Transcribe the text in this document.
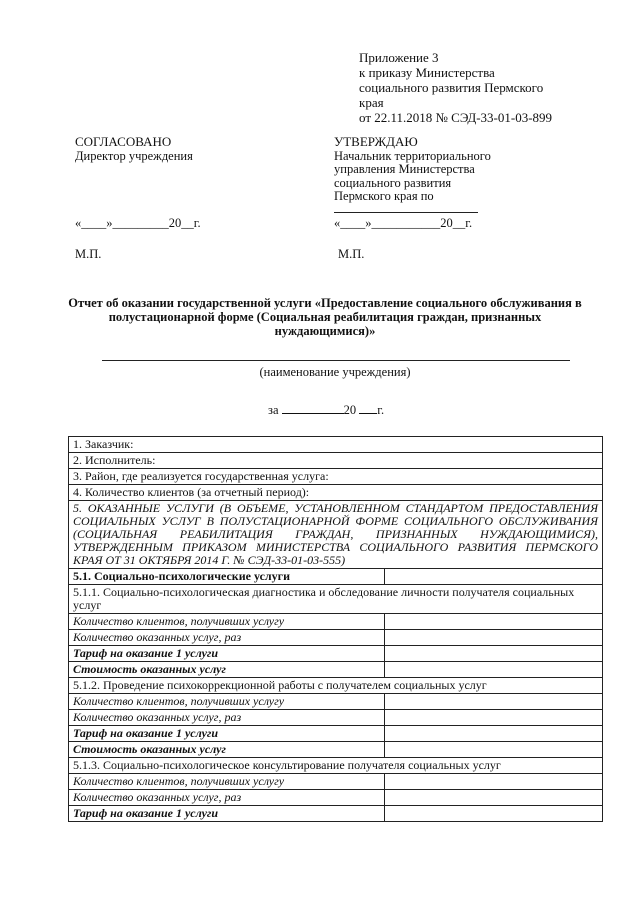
Приложение 3
к приказу Министерства
социального развития Пермского
края
от 22.11.2018 № СЭД-33-01-03-899
СОГЛАСОВАНО
Директор учреждения
«____»_________20__г.
М.П.
УТВЕРЖДАЮ
Начальник территориального
управления Министерства
социального развития
Пермского края по
«____»___________20__г.
М.П.
Отчет об оказании государственной услуги «Предоставление социального обслуживания в полустационарной форме (Социальная реабилитация граждан, признанных нуждающимися)»
(наименование учреждения)
за	20 г.
1. Заказчик:	
2. Исполнитель:	
3. Район, где реализуется государственная услуга:	
4. Количество клиентов (за отчетный период):	
5. ОКАЗАННЫЕ УСЛУГИ (В ОБЪЕМЕ, УСТАНОВЛЕННОМ СТАНДАРТОМ ПРЕДОСТАВЛЕНИЯ СОЦИАЛЬНЫХ УСЛУГ В ПОЛУСТАЦИОНАРНОЙ ФОРМЕ СОЦИАЛЬНОГО ОБСЛУЖИВАНИЯ (СОЦИАЛЬНАЯ РЕАБИЛИТАЦИЯ ГРАЖДАН, ПРИЗНАННЫХ НУЖДАЮЩИМИСЯ), УТВЕРЖДЕННЫМ ПРИКАЗОМ МИНИСТЕРСТВА СОЦИАЛЬНОГО РАЗВИТИЯ ПЕРМСКОГО КРАЯ ОТ 31 ОКТЯБРЯ 2014 Г. № СЭД-33-01-03-555)	
5.1. Социально-психологические услуги	
5.1.1. Социально-психологическая диагностика и обследование личности получателя социальных услуг	
Количество клиентов, получивших услугу	
Количество оказанных услуг, раз	
Тариф на оказание 1 услуги	
Стоимость оказанных услуг	
5.1.2. Проведение психокоррекционной работы с получателем социальных услуг	
Количество клиентов, получивших услугу	
Количество оказанных услуг, раз	
Тариф на оказание 1 услуги	
Стоимость оказанных услуг	
5.1.3. Социально-психологическое консультирование получателя социальных услуг	
Количество клиентов, получивших услугу	
Количество оказанных услуг, раз	
Тариф на оказание 1 услуги	
